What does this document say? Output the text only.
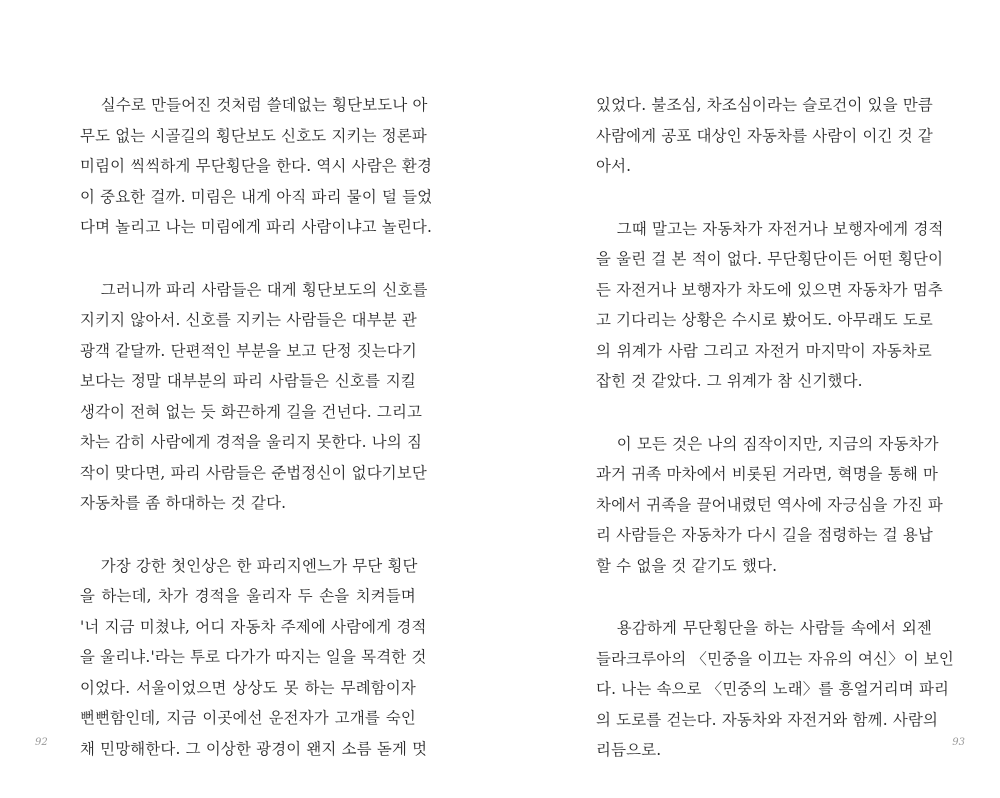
실수로 만들어진 것처럼 쓸데없는 횡단보도나 아
무도 없는 시골길의 횡단보도 신호도 지키는 정론파
미림이 씩씩하게 무단횡단을 한다. 역시 사람은 환경
이 중요한 걸까. 미림은 내게 아직 파리 물이 덜 들었
다며 놀리고 나는 미림에게 파리 사람이냐고 놀린다.
그러니까 파리 사람들은 대게 횡단보도의 신호를
지키지 않아서. 신호를 지키는 사람들은 대부분 관
광객 같달까. 단편적인 부분을 보고 단정 짓는다기
보다는 정말 대부분의 파리 사람들은 신호를 지킬
생각이 전혀 없는 듯 화끈하게 길을 건넌다. 그리고
차는 감히 사람에게 경적을 울리지 못한다. 나의 짐
작이 맞다면, 파리 사람들은 준법정신이 없다기보단
자동차를 좀 하대하는 것 같다.
가장 강한 첫인상은 한 파리지엔느가 무단 횡단
을 하는데, 차가 경적을 울리자 두 손을 치켜들며
'너 지금 미쳤냐, 어디 자동차 주제에 사람에게 경적
을 울리냐.'라는 투로 다가가 따지는 일을 목격한 것
이었다. 서울이었으면 상상도 못 하는 무례함이자
뻔뻔함인데, 지금 이곳에선 운전자가 고개를 숙인
채 민망해한다. 그 이상한 광경이 왠지 소름 돋게 멋
92
있었다. 불조심, 차조심이라는 슬로건이 있을 만큼
사람에게 공포 대상인 자동차를 사람이 이긴 것 같
아서.
그때 말고는 자동차가 자전거나 보행자에게 경적
을 울린 걸 본 적이 없다. 무단횡단이든 어떤 횡단이
든 자전거나 보행자가 차도에 있으면 자동차가 멈추
고 기다리는 상황은 수시로 봤어도. 아무래도 도로
의 위계가 사람 그리고 자전거 마지막이 자동차로
잡힌 것 같았다. 그 위계가 참 신기했다.
이 모든 것은 나의 짐작이지만, 지금의 자동차가
과거 귀족 마차에서 비롯된 거라면, 혁명을 통해 마
차에서 귀족을 끌어내렸던 역사에 자긍심을 가진 파
리 사람들은 자동차가 다시 길을 점령하는 걸 용납
할 수 없을 것 같기도 했다.
용감하게 무단횡단을 하는 사람들 속에서 외젠
들라크루아의 〈민중을 이끄는 자유의 여신〉이 보인
다. 나는 속으로 〈민중의 노래〉를 흥얼거리며 파리
의 도로를 걷는다. 자동차와 자전거와 함께. 사람의
리듬으로.	93
